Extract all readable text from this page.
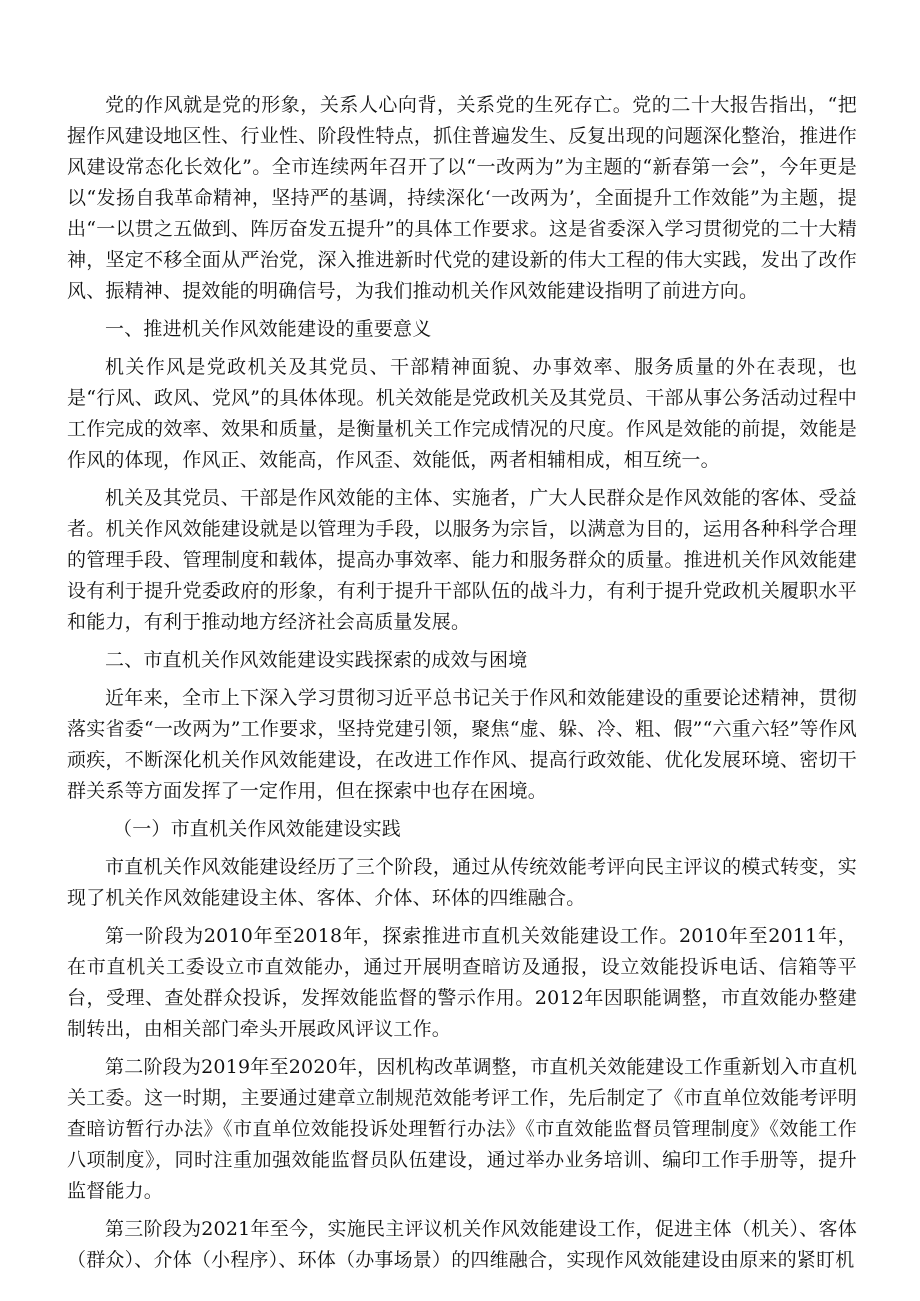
党的作风就是党的形象，关系人心向背，关系党的生死存亡。党的二十大报告指出，“把握作风建设地区性、行业性、阶段性特点，抓住普遍发生、反复出现的问题深化整治，推进作风建设常态化长效化”。全市连续两年召开了以“一改两为”为主题的“新春第一会”，今年更是以“发扬自我革命精神，坚持严的基调，持续深化‘一改两为’，全面提升工作效能”为主题，提出“一以贯之五做到、阵厉奋发五提升”的具体工作要求。这是省委深入学习贯彻党的二十大精神，坚定不移全面从严治党，深入推进新时代党的建设新的伟大工程的伟大实践，发出了改作风、振精神、提效能的明确信号，为我们推动机关作风效能建设指明了前进方向。

一、推进机关作风效能建设的重要意义

机关作风是党政机关及其党员、干部精神面貌、办事效率、服务质量的外在表现，也是“行风、政风、党风”的具体体现。机关效能是党政机关及其党员、干部从事公务活动过程中工作完成的效率、效果和质量，是衡量机关工作完成情况的尺度。作风是效能的前提，效能是作风的体现，作风正、效能高，作风歪、效能低，两者相辅相成，相互统一。

机关及其党员、干部是作风效能的主体、实施者，广大人民群众是作风效能的客体、受益者。机关作风效能建设就是以管理为手段，以服务为宗旨，以满意为目的，运用各种科学合理的管理手段、管理制度和载体，提高办事效率、能力和服务群众的质量。推进机关作风效能建设有利于提升党委政府的形象，有利于提升干部队伍的战斗力，有利于提升党政机关履职水平和能力，有利于推动地方经济社会高质量发展。

二、市直机关作风效能建设实践探索的成效与困境

近年来，全市上下深入学习贯彻习近平总书记关于作风和效能建设的重要论述精神，贯彻落实省委“一改两为”工作要求，坚持党建引领，聚焦“虚、躲、冷、粗、假”“六重六轻”等作风顽疾，不断深化机关作风效能建设，在改进工作作风、提高行政效能、优化发展环境、密切干群关系等方面发挥了一定作用，但在探索中也存在困境。

（一）市直机关作风效能建设实践

市直机关作风效能建设经历了三个阶段，通过从传统效能考评向民主评议的模式转变，实现了机关作风效能建设主体、客体、介体、环体的四维融合。

第一阶段为2010年至2018年，探索推进市直机关效能建设工作。2010年至2011年，在市直机关工委设立市直效能办，通过开展明查暗访及通报，设立效能投诉电话、信箱等平台，受理、查处群众投诉，发挥效能监督的警示作用。2012年因职能调整，市直效能办整建制转出，由相关部门牵头开展政风评议工作。

第二阶段为2019年至2020年，因机构改革调整，市直机关效能建设工作重新划入市直机关工委。这一时期，主要通过建章立制规范效能考评工作，先后制定了《市直单位效能考评明查暗访暂行办法》《市直单位效能投诉处理暂行办法》《市直效能监督员管理制度》《效能工作八项制度》，同时注重加强效能监督员队伍建设，通过举办业务培训、编印工作手册等，提升监督能力。

第三阶段为2021年至今，实施民主评议机关作风效能建设工作，促进主体（机关）、客体（群众）、介体（小程序）、环体（办事场景）的四维融合，实现作风效能建设由原来的紧盯机
